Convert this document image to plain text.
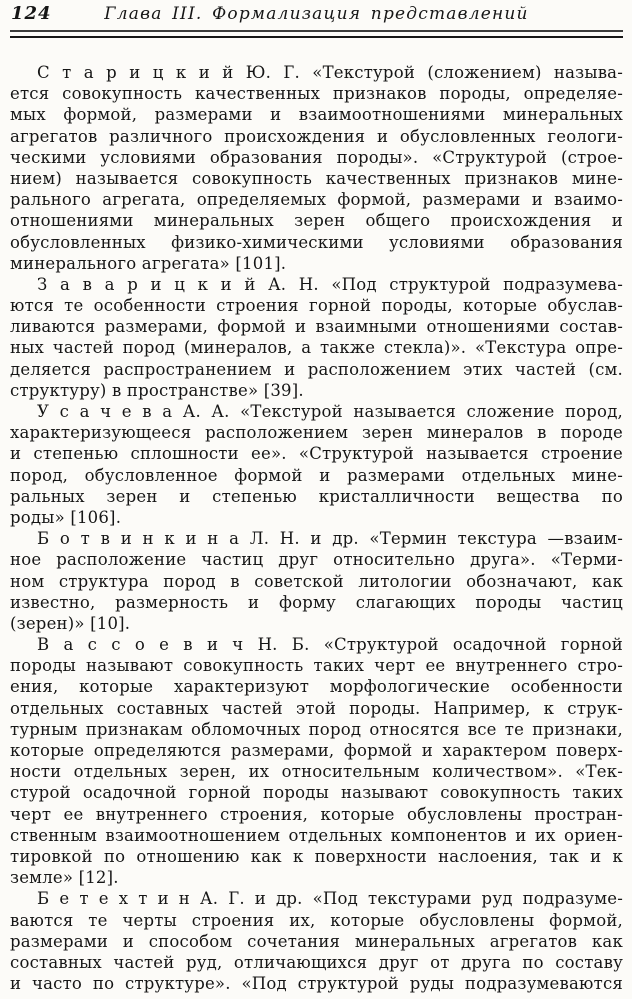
124	Глава III. Формализация представлений
С т а р и ц к и й Ю. Г. «Текстурой (сложением) называ-
ется совокупность качественных признаков породы, определяе-
мых формой, размерами и взаимоотношениями минеральных
агрегатов различного происхождения и обусловленных геологи-
ческими условиями образования породы». «Структурой (строе-
нием) называется совокупность качественных признаков мине-
рального агрегата, определяемых формой, размерами и взаимо-
отношениями минеральных зерен общего происхождения и
обусловленных физико-химическими условиями образования
минерального агрегата» [101].
З а в а р и ц к и й А. Н. «Под структурой подразумева-
ются те особенности строения горной породы, которые обуслав-
ливаются размерами, формой и взаимными отношениями состав-
ных частей пород (минералов, а также стекла)». «Текстура опре-
деляется распространением и расположением этих частей (см.
структуру) в пространстве» [39].
У с а ч е в а А. А. «Текстурой называется сложение пород,
характеризующееся расположением зерен минералов в породе
и степенью сплошности ее». «Структурой называется строение
пород, обусловленное формой и размерами отдельных мине-
ральных зерен и степенью кристалличности вещества по
роды» [106].
Б о т в и н к и н а Л. Н. и др. «Термин текстура —взаим-
ное расположение частиц друг относительно друга». «Терми-
ном структура пород в советской литологии обозначают, как
известно, размерность и форму слагающих породы частиц
(зерен)» [10].
В а с с о е в и ч Н. Б. «Структурой осадочной горной
породы называют совокупность таких черт ее внутреннего стро-
ения, которые характеризуют морфологические особенности
отдельных составных частей этой породы. Например, к струк-
турным признакам обломочных пород относятся все те признаки,
которые определяются размерами, формой и характером поверх-
ности отдельных зерен, их относительным количеством». «Тек-
стурой осадочной горной породы называют совокупность таких
черт ее внутреннего строения, которые обусловлены простран-
ственным взаимоотношением отдельных компонентов и их ориен-
тировкой по отношению как к поверхности наслоения, так и к
земле» [12].
Б е т е х т и н А. Г. и др. «Под текстурами руд подразуме-
ваются те черты строения их, которые обусловлены формой,
размерами и способом сочетания минеральных агрегатов как
составных частей руд, отличающихся друг от друга по составу
и часто по структуре». «Под структурой руды подразумеваются
